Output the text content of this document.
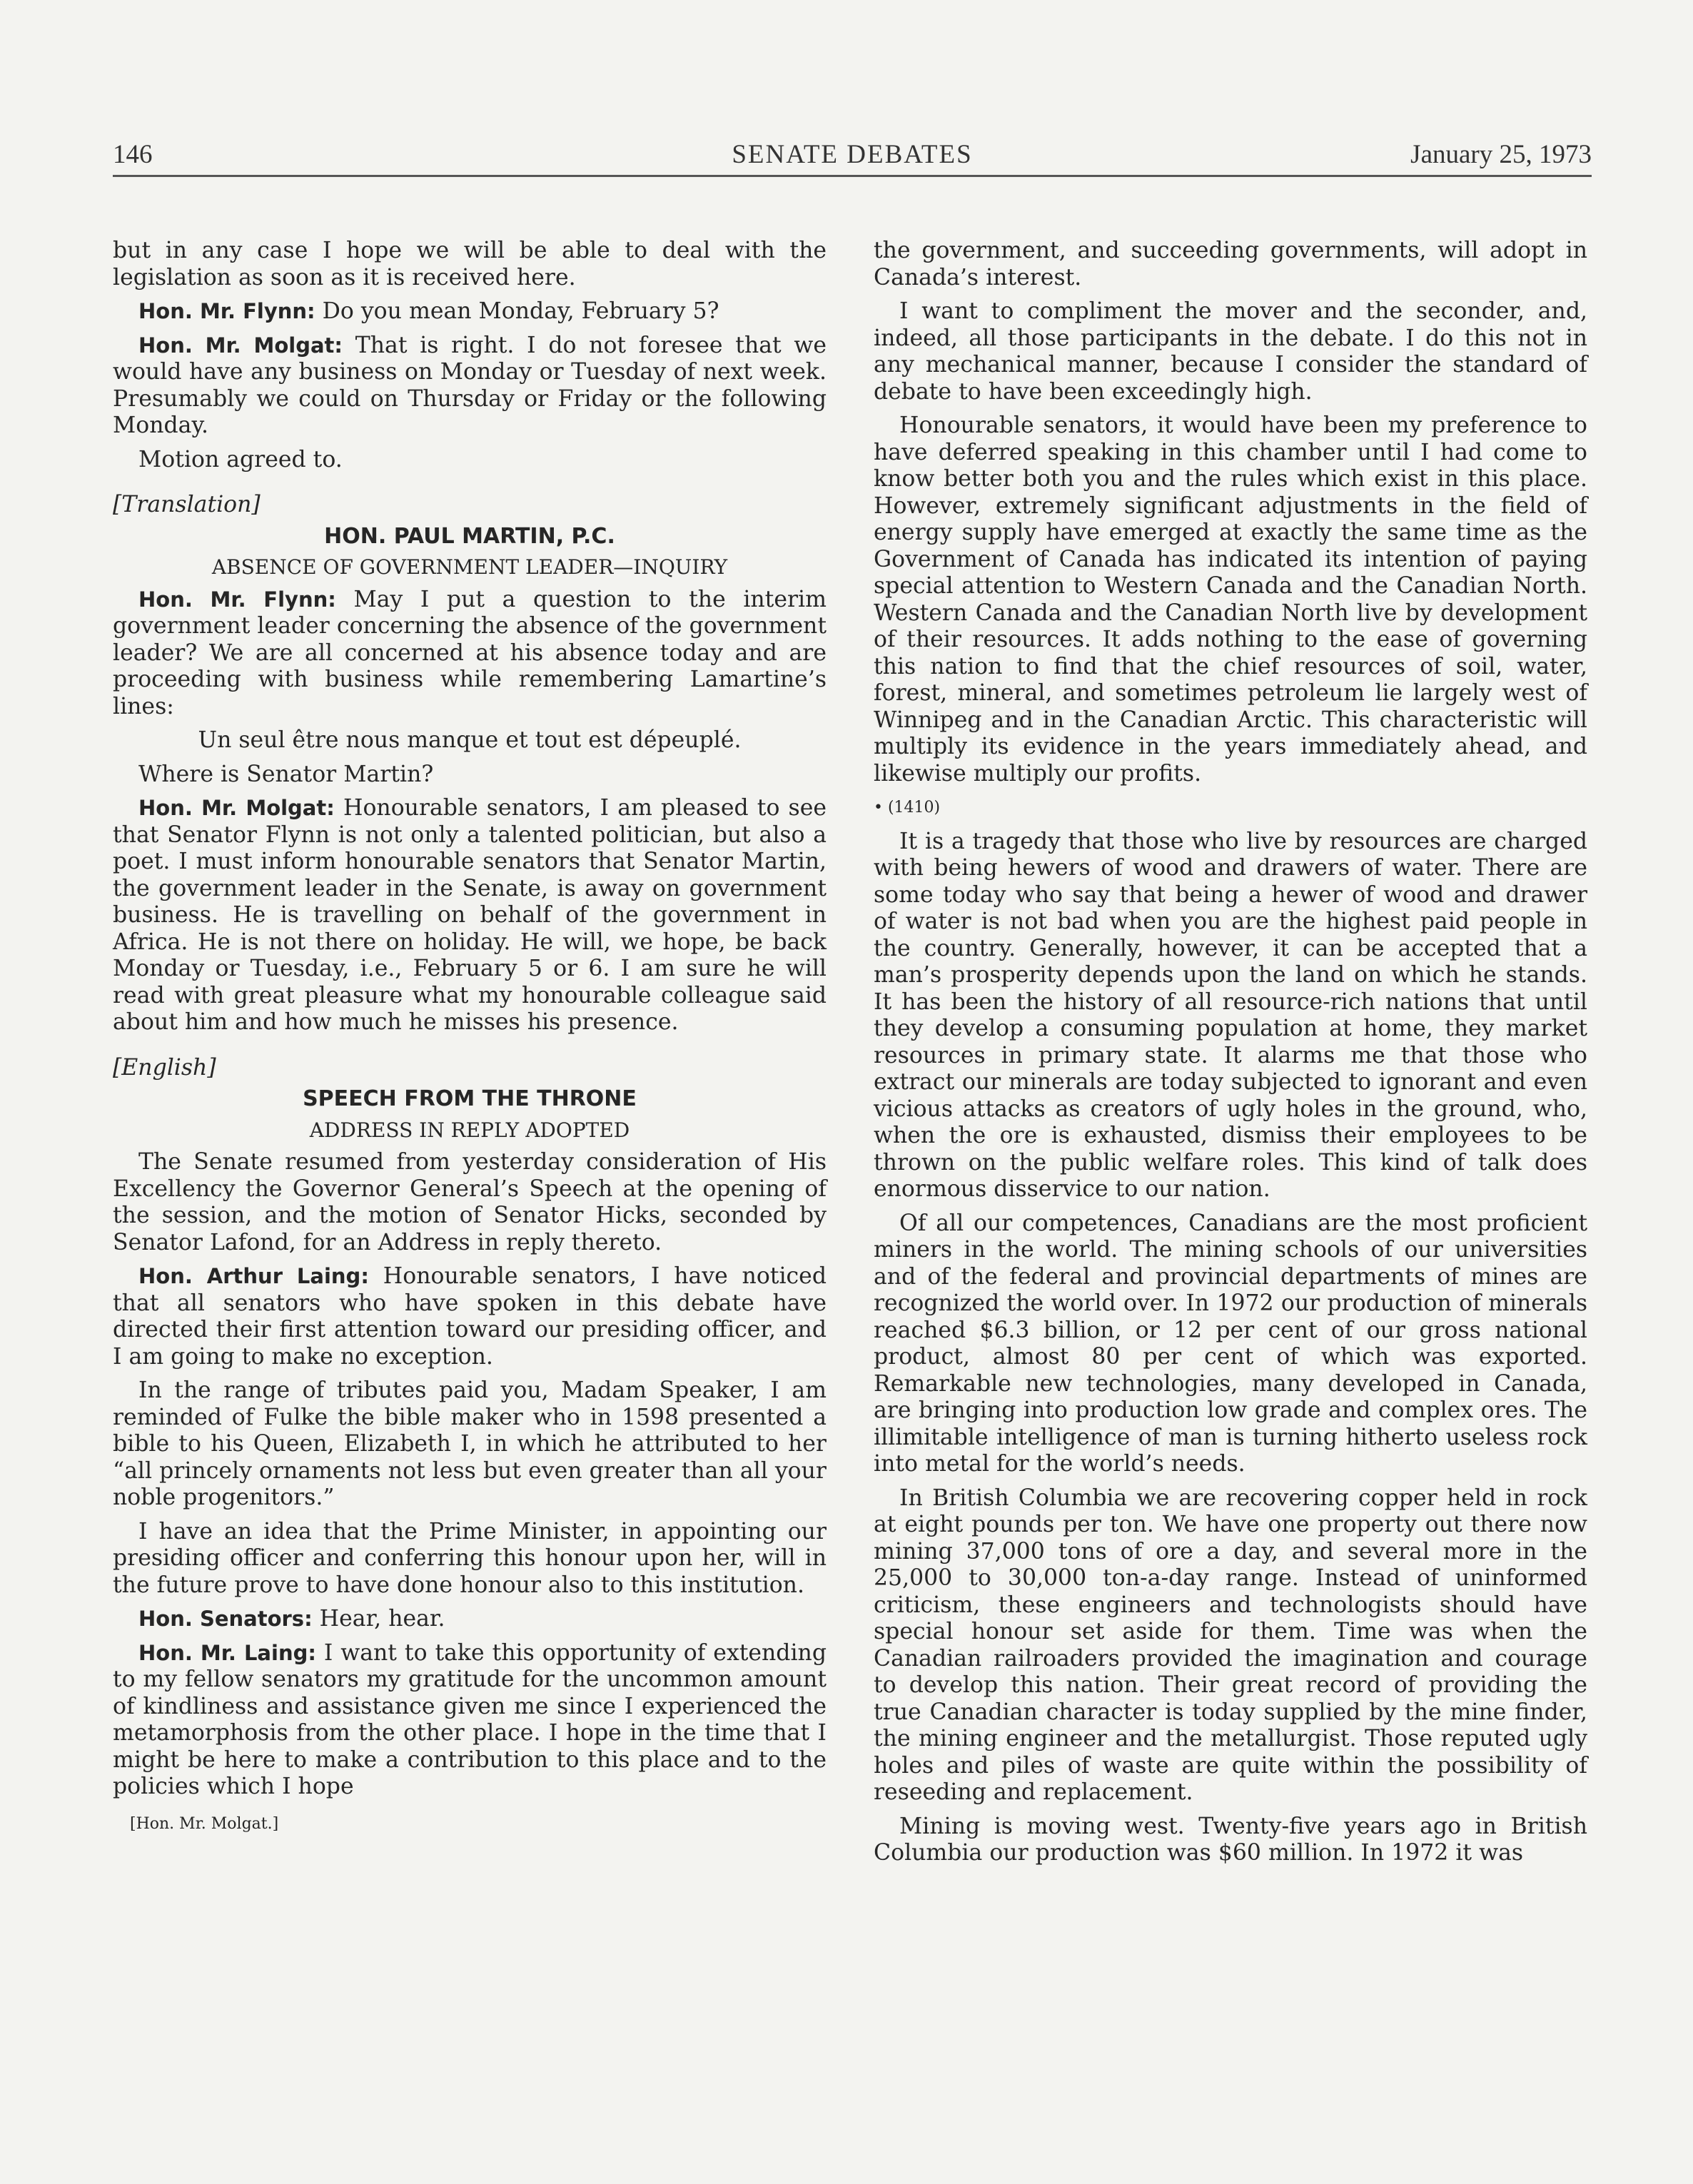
146	SENATE DEBATES	January 25, 1973

but in any case I hope we will be able to deal with the legislation as soon as it is received here.

Hon. Mr. Flynn: Do you mean Monday, February 5?

Hon. Mr. Molgat: That is right. I do not foresee that we would have any business on Monday or Tuesday of next week. Presumably we could on Thursday or Friday or the following Monday.

Motion agreed to.

[Translation]

HON. PAUL MARTIN, P.C.

ABSENCE OF GOVERNMENT LEADER—INQUIRY

Hon. Mr. Flynn: May I put a question to the interim government leader concerning the absence of the government leader? We are all concerned at his absence today and are proceeding with business while remembering Lamartine’s lines:

Un seul être nous manque et tout est dépeuplé.

Where is Senator Martin?

Hon. Mr. Molgat: Honourable senators, I am pleased to see that Senator Flynn is not only a talented politician, but also a poet. I must inform honourable senators that Senator Martin, the government leader in the Senate, is away on government business. He is travelling on behalf of the government in Africa. He is not there on holiday. He will, we hope, be back Monday or Tuesday, i.e., February 5 or 6. I am sure he will read with great pleasure what my honourable colleague said about him and how much he misses his presence.

[English]

SPEECH FROM THE THRONE

ADDRESS IN REPLY ADOPTED

The Senate resumed from yesterday consideration of His Excellency the Governor General’s Speech at the opening of the session, and the motion of Senator Hicks, seconded by Senator Lafond, for an Address in reply thereto.

Hon. Arthur Laing: Honourable senators, I have noticed that all senators who have spoken in this debate have directed their first attention toward our presiding officer, and I am going to make no exception.

In the range of tributes paid you, Madam Speaker, I am reminded of Fulke the bible maker who in 1598 presented a bible to his Queen, Elizabeth I, in which he attributed to her “all princely ornaments not less but even greater than all your noble progenitors.”

I have an idea that the Prime Minister, in appointing our presiding officer and conferring this honour upon her, will in the future prove to have done honour also to this institution.

Hon. Senators: Hear, hear.

Hon. Mr. Laing: I want to take this opportunity of extending to my fellow senators my gratitude for the uncommon amount of kindliness and assistance given me since I experienced the metamorphosis from the other place. I hope in the time that I might be here to make a contribution to this place and to the policies which I hope

[Hon. Mr. Molgat.]

the government, and succeeding governments, will adopt in Canada’s interest.

I want to compliment the mover and the seconder, and, indeed, all those participants in the debate. I do this not in any mechanical manner, because I consider the standard of debate to have been exceedingly high.

Honourable senators, it would have been my preference to have deferred speaking in this chamber until I had come to know better both you and the rules which exist in this place. However, extremely significant adjustments in the field of energy supply have emerged at exactly the same time as the Government of Canada has indicated its intention of paying special attention to Western Canada and the Canadian North. Western Canada and the Canadian North live by development of their resources. It adds nothing to the ease of governing this nation to find that the chief resources of soil, water, forest, mineral, and sometimes petroleum lie largely west of Winnipeg and in the Canadian Arctic. This characteristic will multiply its evidence in the years immediately ahead, and likewise multiply our profits.

• (1410)

It is a tragedy that those who live by resources are charged with being hewers of wood and drawers of water. There are some today who say that being a hewer of wood and drawer of water is not bad when you are the highest paid people in the country. Generally, however, it can be accepted that a man’s prosperity depends upon the land on which he stands. It has been the history of all resource-rich nations that until they develop a consuming population at home, they market resources in primary state. It alarms me that those who extract our minerals are today subjected to ignorant and even vicious attacks as creators of ugly holes in the ground, who, when the ore is exhausted, dismiss their employees to be thrown on the public welfare roles. This kind of talk does enormous disservice to our nation.

Of all our competences, Canadians are the most proficient miners in the world. The mining schools of our universities and of the federal and provincial departments of mines are recognized the world over. In 1972 our production of minerals reached $6.3 billion, or 12 per cent of our gross national product, almost 80 per cent of which was exported. Remarkable new technologies, many developed in Canada, are bringing into production low grade and complex ores. The illimitable intelligence of man is turning hitherto useless rock into metal for the world’s needs.

In British Columbia we are recovering copper held in rock at eight pounds per ton. We have one property out there now mining 37,000 tons of ore a day, and several more in the 25,000 to 30,000 ton-a-day range. Instead of uninformed criticism, these engineers and technologists should have special honour set aside for them. Time was when the Canadian railroaders provided the imagination and courage to develop this nation. Their great record of providing the true Canadian character is today supplied by the mine finder, the mining engineer and the metallurgist. Those reputed ugly holes and piles of waste are quite within the possibility of reseeding and replacement.

Mining is moving west. Twenty-five years ago in British Columbia our production was $60 million. In 1972 it was
